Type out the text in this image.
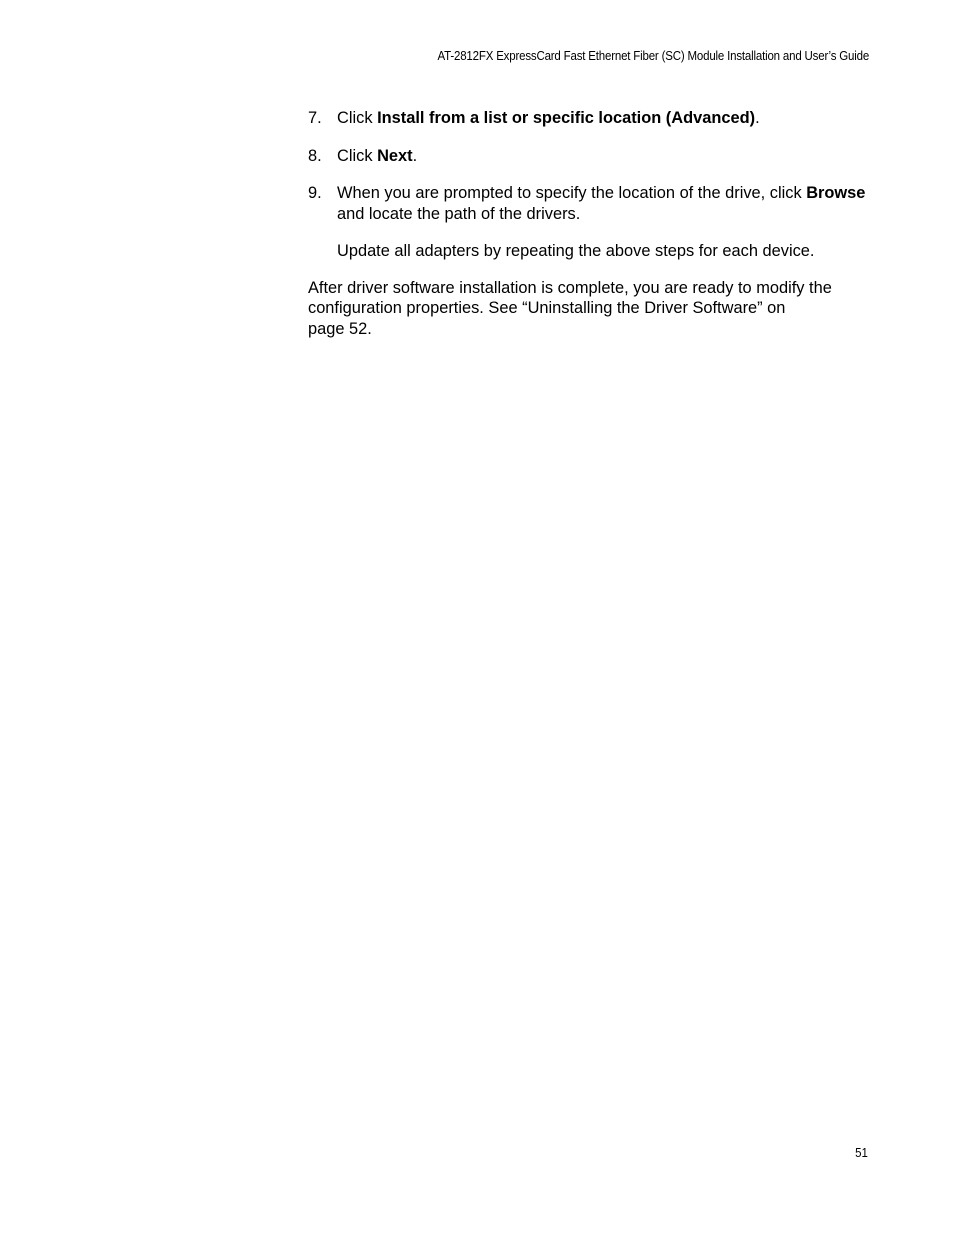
AT-2812FX ExpressCard Fast Ethernet Fiber (SC) Module Installation and User’s Guide
7. Click Install from a list or specific location (Advanced).
8. Click Next.
9. When you are prompted to specify the location of the drive, click Browse and locate the path of the drivers.
Update all adapters by repeating the above steps for each device.

After driver software installation is complete, you are ready to modify the
configuration properties. See “Uninstalling the Driver Software” on
page 52.

51
